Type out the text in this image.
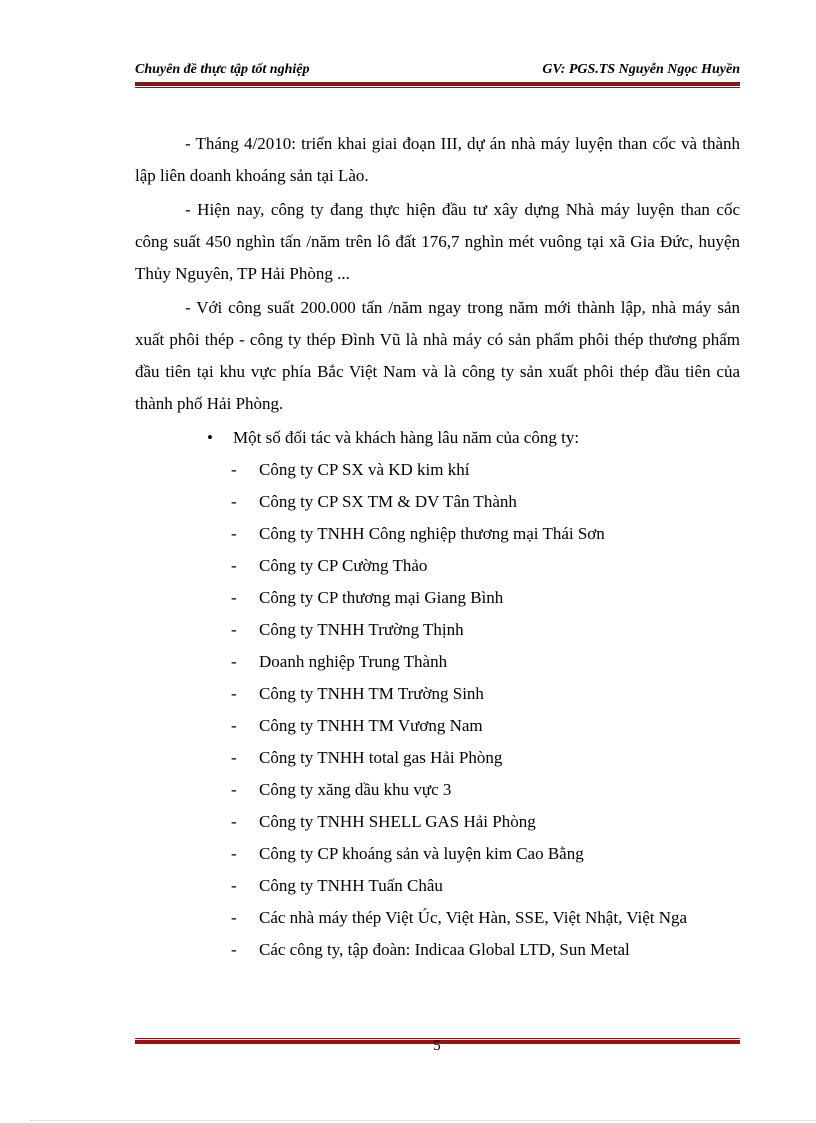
Chuyên đề thực tập tốt nghiệp	GV: PGS.TS Nguyễn Ngọc Huyền

- Tháng 4/2010: triển khai giai đoạn III, dự án nhà máy luyện than cốc và thành lập liên doanh khoáng sản tại Lào.

- Hiện nay, công ty đang thực hiện đầu tư xây dựng Nhà máy luyện than cốc công suất 450 nghìn tấn /năm trên lô đất 176,7 nghìn mét vuông tại xã Gia Đức, huyện Thủy Nguyên, TP Hải Phòng ...

- Với công suất 200.000 tấn /năm ngay trong năm mới thành lập, nhà máy sản xuất phôi thép - công ty thép Đình Vũ là nhà máy có sản phẩm phôi thép thương phẩm đầu tiên tại khu vực phía Bắc Việt Nam và là công ty sản xuất phôi thép đầu tiên của thành phố Hải Phòng.

•	Một số đối tác và khách hàng lâu năm của công ty:
-	Công ty CP SX và KD kim khí
-	Công ty CP SX TM & DV Tân Thành
-	Công ty TNHH Công nghiệp thương mại Thái Sơn
-	Công ty CP Cường Thảo
-	Công ty CP thương mại Giang Bình
-	Công ty TNHH Trường Thịnh
-	Doanh nghiệp Trung Thành
-	Công ty TNHH TM Trường Sinh
-	Công ty TNHH TM Vương Nam
-	Công ty TNHH total gas Hải Phòng
-	Công ty xăng dầu khu vực 3
-	Công ty TNHH SHELL GAS Hải Phòng
-	Công ty CP khoáng sản và luyện kim Cao Bằng
-	Công ty TNHH Tuấn Châu
-	Các nhà máy thép Việt Úc, Việt Hàn, SSE, Việt Nhật, Việt Nga
-	Các công ty, tập đoàn: Indicaa Global LTD, Sun Metal
5
